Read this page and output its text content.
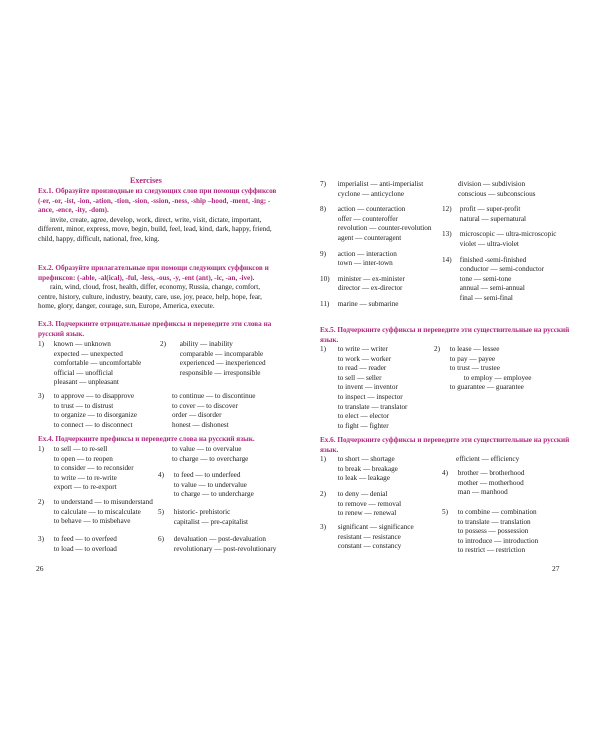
Exercises
Ex.1. Образуйте производные из следующих слов при помощи суффиксов (-er, -or, -ist, -ion, -ation, -tion, -sion, -ssion, -ness, -ship –hood, -ment, -ing; -ance, -ence, -ity, -dom).
invite, create, agree, develop, work, direct, write, visit, dictate, important, different, minor, express, move, begin, build, feel, lead, kind, dark, happy, friend, child, happy, difficult, national, free, king.
Ex.2. Образуйте прилагательные при помощи следующих суффиксов и префиксов: (-able, -al(ical), -ful, -less, -ous, -y, -ent (ant), -ic, -an, -ive).
rain, wind, cloud, frost, health, differ, economy, Russia, change, comfort, centre, history, culture, industry, beauty, care, use, joy, peace, help, hope, fear, home, glory, danger, courage, sun, Europe, America, execute.
Ex.3. Подчеркните отрицательные префиксы и переведите эти слова на русский язык.
1) known — unknown
expected — unexpected
comfortable — uncomfortable
official — unofficial
pleasant — unpleasant
2) ability — inability
comparable — incomparable
experienced — inexperienced
responsible — irresponsible
3) to approve — to disapprove
to trust — to distrust
to organize — to disorganize
to connect — to disconnect
to continue — to discontinue
to cover — to discover
order — disorder
honest — dishonest
Ex.4. Подчеркните префиксы и переведите слова на русский язык.
1) to sell — to re-sell
to open — to reopen
to consider — to reconsider
to write — to re-write
export — to re-export
to value — to overvalue
to charge — to overcharge
4) to feed — to underfeed
to value — to undervalue
to charge — to undercharge
2) to understand — to misunderstand
to calculate — to miscalculate
to behave — to misbehave
5) historic- prehistoric
capitalist — pre-capitalist
3) to feed — to overfeed
to load — to overload
6) devaluation — post-devaluation
revolutionary — post-revolutionary
26
7) imperialist — anti-imperialist
cyclone — anticyclone
8) action — counteraction
offer — counteroffer
revolution — counter-revolution
agent — counteragent
9) action — interaction
town — inter-town
10) minister — ex-minister
director — ex-director
11) marine — submarine
division — subdivision
conscious — subconscious
12) profit — super-profit
natural — supernatural
13) microscopic — ultra-microscopic
violet — ultra-violet
14) finished -semi-finished
conductor — semi-conductor
tone — semi-tone
annual — semi-annual
final — semi-final
Ex.5. Подчеркните суффиксы и переведите эти существительные на русский язык.
1) to write — writer
to work — worker
to read — reader
to sell — seller
to invent — inventor
to inspect — inspector
to translate — translator
to elect — elector
to fight — fighter
2) to lease — lessee
to pay — payee
to trust — trustee
to employ — employee
to guarantee — guarantee
Ex.6. Подчеркните суффиксы и переведите эти существительные на русский язык.
1) to short — shortage
to break — breakage
to leak — leakage
efficient — efficiency
4) brother — brotherhood
mother — motherhood
man — manhood
2) to deny — denial
to remove — removal
to renew — renewal	5) to combine — combination
to translate — translation
to possess — possession
to introduce — introduction
to restrict — restriction
3) significant — significance
resistant — resistance
constant — constancy
27
